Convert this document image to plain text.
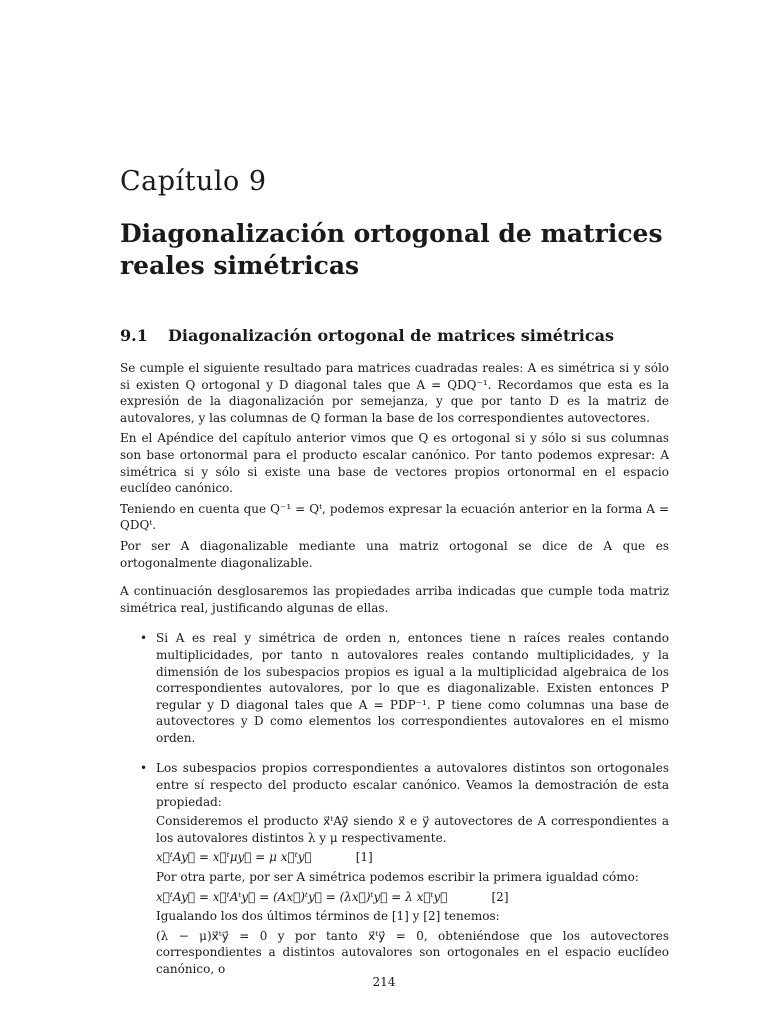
Capítulo 9
Diagonalización ortogonal de matrices reales simétricas
9.1 Diagonalización ortogonal de matrices simétricas

Se cumple el siguiente resultado para matrices cuadradas reales: A es simétrica si y sólo si existen Q ortogonal y D diagonal tales que A = QDQ⁻¹. Recordamos que esta es la expresión de la diagonalización por semejanza, y que por tanto D es la matriz de autovalores, y las columnas de Q forman la base de los correspondientes autovectores.

En el Apéndice del capítulo anterior vimos que Q es ortogonal si y sólo si sus columnas son base ortonormal para el producto escalar canónico. Por tanto podemos expresar: A simétrica si y sólo si existe una base de vectores propios ortonormal en el espacio euclídeo canónico.

Teniendo en cuenta que Q⁻¹ = Qᵗ, podemos expresar la ecuación anterior en la forma A = QDQᵗ.

Por ser A diagonalizable mediante una matriz ortogonal se dice de A que es ortogonalmente diagonalizable.

A continuación desglosaremos las propiedades arriba indicadas que cumple toda matriz simétrica real, justificando algunas de ellas.

• Si A es real y simétrica de orden n, entonces tiene n raíces reales contando multiplicidades, por tanto n autovalores reales contando multiplicidades, y la dimensión de los subespacios propios es igual a la multiplicidad algebraica de los correspondientes autovalores, por lo que es diagonalizable. Existen entonces P regular y D diagonal tales que A = PDP⁻¹. P tiene como columnas una base de autovectores y D como elementos los correspondientes autovalores en el mismo orden.
• Los subespacios propios correspondientes a autovalores distintos son ortogonales entre sí respecto del producto escalar canónico. Veamos la demostración de esta propiedad:
Consideremos el producto x⃗ᵗAy⃗ siendo x⃗ e y⃗ autovectores de A correspondientes a los autovalores distintos λ y μ respectivamente.
x⃗ᵗAy⃗ = x⃗ᵗμy⃗ = μ x⃗ᵗy⃗	[1]
Por otra parte, por ser A simétrica podemos escribir la primera igualdad cómo:
x⃗ᵗAy⃗ = x⃗ᵗAᵗy⃗ = (Ax⃗)ᵗy⃗ = (λx⃗)ᵗy⃗ = λ x⃗ᵗy⃗	[2]
Igualando los dos últimos términos de [1] y [2] tenemos:
(λ − μ)x⃗ᵗy⃗ = 0 y por tanto x⃗ᵗy⃗ = 0, obteniéndose que los autovectores correspondientes a distintos autovalores son ortogonales en el espacio euclídeo canónico, o
214
